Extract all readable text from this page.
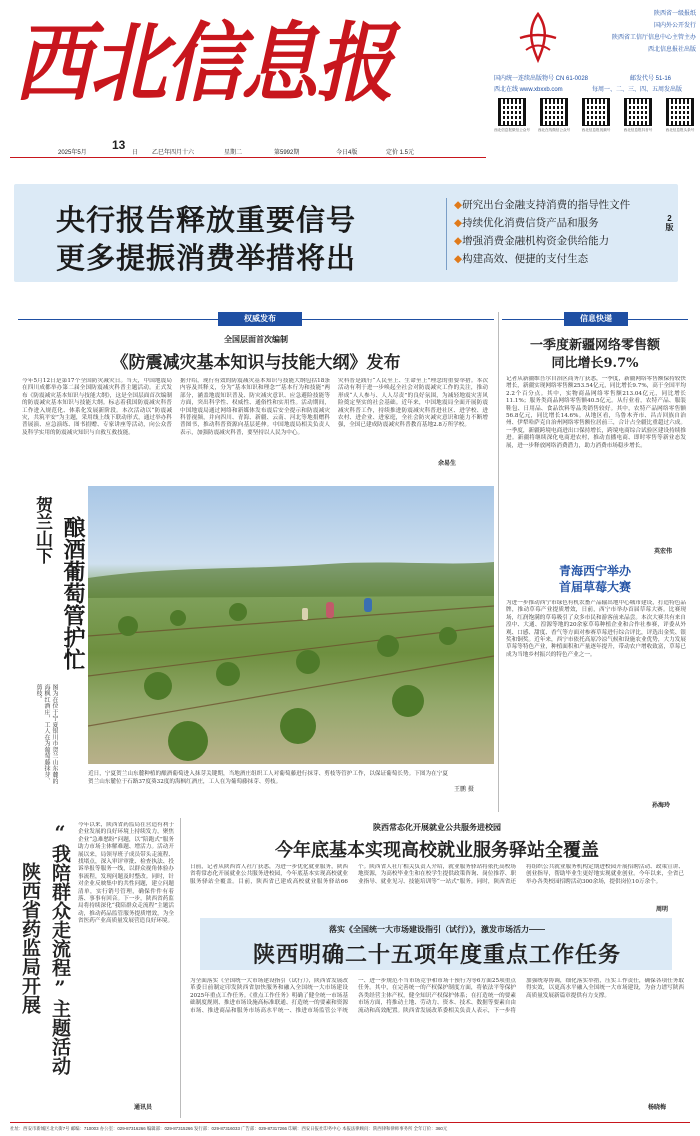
西北信息报	陕西省一级报纸
国内外公开发行
陕西省工信厅信息中心主管主办
西北信息报社出版
国内统一连续出版物号 CN 61-0028	邮发代号 51-16
西北在线 www.xbxxb.com	每周一、二、三、四、五周发出版
西北信息报微信公众号	西北在线微信公众号	西北信息报视频号	西北信息报抖音号	西北信息报头条号
2025年5月
13
日 乙巳年四月十六	星期二	第5992期	今日4版	定价 1.5元
央行报告释放重要信号
更多提振消费举措将出
◆研究出台金融支持消费的指导性文件
◆持续优化消费信贷产品和服务
◆增强消费金融机构资金供给能力
◆构建高效、便捷的支付生态
2版
权威发布
全国层面首次编制
《防震减灾基本知识与技能大纲》发布
今年5月12日是第17个全国防灾减灾日。当天，中国地震局在四川成都举办第二届全国防震减灾科普主题活动。正式发布《防震减灾基本知识与技能大纲》，这是全国层面首次编制的防震减灾基本知识与技能大纲。标志着我国防震减灾科普工作进入规范化、体系化发展新阶段。本次活动以“防震减灾，共筑平安”为主题，采用线上线下联动形式，通过举办科普展演、应急演练、图书捐赠、专家讲座等活动，向公众普及科学实用的防震减灾知识与自救互救技能。
据介绍，现行有效的防震减灾基本知识与技能大纲包括18条内容及其释义，分为“基本知识和理念”“基本行为和技能”两部分，涵盖地震知识普及、防灾减灾意识、应急避险技能等方面，突出科学性、权威性、通俗性和实用性。活动期间，中国地震局通过网络和新媒体发布震后安全提示和防震减灾科普视频，并向四川、青海、新疆、云南、河北等地捐赠科普图书，推动科普资源向基层延伸。中国地震局相关负责人表示，加强防震减灾科普，要坚持以人民为中心。
灾科普是践行“人民至上、生命至上”理念的重要举措。本次活动有利于进一步唤起全社会对防震减灾工作的关注，推动形成“人人参与、人人尽责”的良好氛围，为减轻地震灾害风险奠定坚实的社会基础。近年来，中国地震局全面开展防震减灾科普工作，持续推进防震减灾科普进社区、进学校、进农村、进企业、进家庭，全社会防灾减灾意识和能力不断增强，全国已建成防震减灾科普教育基地2.8万所学校。
余易生
贺兰山下 酿酒葡萄管护忙
图为在位于宁夏银川市贺兰山东麓的海枫红酒庄，工人在为葡萄藤抹芽、剪枝。
近日，宁夏贺兰山东麓种植的酿酒葡萄进入抹芽关键期，当地酒庄组织工人对葡萄藤进行抹芽、剪枝等管护工作，以保证葡萄长势。下图为在宁夏贺兰山东麓位于石路37度葵32度的海枫红酒庄，工人在为葡萄藤抹芽、剪枝。
王鹏 摄
信息快递
一季度新疆网络零售额
同比增长9.7%
记者从新疆维吾尔自治区商务厅获悉，一季度，新疆网络零售额保持较快增长，新疆实现网络零售额253.54亿元，同比增长9.7%，高于全国平均2.2个百分点。其中，实物商品网络零售额213.04亿元，同比增长11.1%；服务类商品网络零售额40.5亿元。从行业看，农特产品、服装鞋包、日用品、食品饮料等品类销售较好。其中，农特产品网络零售额56.8亿元，同比增长14.6%。从地区看，乌鲁木齐市、昌吉回族自治州、伊犁哈萨克自治州网络零售额位居前三，合计占全疆比重超过六成。一季度，新疆跨境电商进出口保持增长，跨境电商综合试验区建设持续推进。新疆将继续深化电商进农村，推动直播电商、即时零售等新业态发展，进一步释放网络消费潜力，助力消费市场稳步增长。
英宏伟
青海西宁举办
首届草莓大赛
为进一步推动西宁市绿色有机农畜产品输出地中心城市建设，打造特色品牌，推动草莓产业提质增效，日前，西宁市举办首届草莓大赛。比赛现场，红润饱满的草莓吸引了众多市民和游客前来品尝。本次大赛共有来自湟中、大通、湟源等地的20余家草莓种植企业和合作社参赛，评委从外观、口感、甜度、香气等方面对参赛草莓进行综合评比，评选出金奖、银奖和铜奖。近年来，西宁市依托高原冷凉气候和设施农业优势，大力发展草莓等特色产业，种植面积和产量逐年提升，带动农户增收致富，草莓已成为当地乡村振兴的特色产业之一。
孙海玲
“我陪群众走流程”主题活动
陕西省药监局开展
今年以来，陕西省药监局在营造有利于企业发展的良好环境上持续发力，聚焦企业“急难愁盼”问题，以“陪跑式”服务助力市场主体解难题、增活力。活动开展以来，局领导班子成员带头走流程、找堵点，深入审评审批、检查执法、投诉举报等服务一线，以群众视角体验办事流程，发现问题及时整改。同时，针对企业反映集中的共性问题，建立问题清单，实行销号管理，确保件件有着落、事事有回音。下一步，陕西省药监局将持续深化“我陪群众走流程”主题活动，推动药品监管服务提质增效，为全省医药产业高质量发展营造良好环境。
通讯员
陕西常态化开展就业公共服务进校园
今年底基本实现高校就业服务驿站全覆盖
日前，记者从陕西省人社厅获悉，为进一步优化就业服务，陕西省将常态化开展就业公共服务进校园，今年底基本实现高校就业服务驿站全覆盖。目前，陕西省已建成高校就业服务驿站66个。陕西省人社厅相关负责人介绍，就业服务驿站将依托高校场地资源，为高校毕业生和在校学生提供政策咨询、岗位推荐、职业指导、就业见习、技能培训等“一站式”服务。同时，陕西省还将组织公共就业服务机构定期进校园开展招聘活动、政策宣讲、创业指导，帮助毕业生更好地实现就业创业。今年以来，全省已举办各类校园招聘活动300余场，提供岗位10万余个。
周明
落实《全国统一大市场建设指引（试行）》，激发市场活力——
陕西明确二十五项年度重点工作任务
为全面落实《全国统一大市场建设指引（试行）》，陕西省发展改革委日前制定印发陕西省加快服务和融入全国统一大市场建设2025年重点工作任务。《重点工作任务》明确了健全统一市场基础制度规则、推进市场设施高标准联通、打造统一的要素和资源市场、推进商品和服务市场高水平统一、推进市场监管公平统一、进一步规范不当市场竞争和市场干预行为等6方面25项重点任务。其中，在完善统一的产权保护制度方面，将依法平等保护各类经营主体产权，健全知识产权保护体系；在打造统一的要素市场方面，将推动土地、劳动力、资本、技术、数据等要素自由流动和高效配置。陕西省发展改革委相关负责人表示，下一步将加强统筹协调，细化落实举措，压实工作责任，确保各项任务取得实效，以更高水平融入全国统一大市场建设，为奋力谱写陕西高质量发展新篇章提供有力支撑。
杨晓梅
社址：西安市新城区北大街7号 邮编：710003 办公室：029-87316266 编辑部：029-87315266 发行部：029-87316033 广告部：029-87317266 印刷：西安日报社印务中心 本报法律顾问：陕西律和律师事务所 全年订价：360元
